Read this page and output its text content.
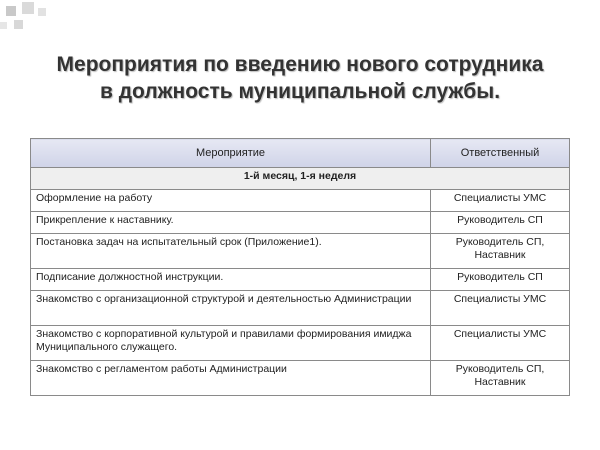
Мероприятия по введению нового сотрудника
в должность муниципальной службы.
Мероприятие	Ответственный
1-й месяц, 1-я неделя	
Оформление на работу	Специалисты УМС
Прикрепление к наставнику.	Руководитель СП
Постановка задач на испытательный срок (Приложение1).	Руководитель СП, Наставник
Подписание должностной инструкции.	Руководитель СП
Знакомство с организационной структурой и деятельностью Администрации	Специалисты УМС
Знакомство с корпоративной культурой и правилами формирования имиджа Муниципального служащего.	Специалисты УМС
Знакомство с регламентом работы Администрации	Руководитель СП, Наставник
